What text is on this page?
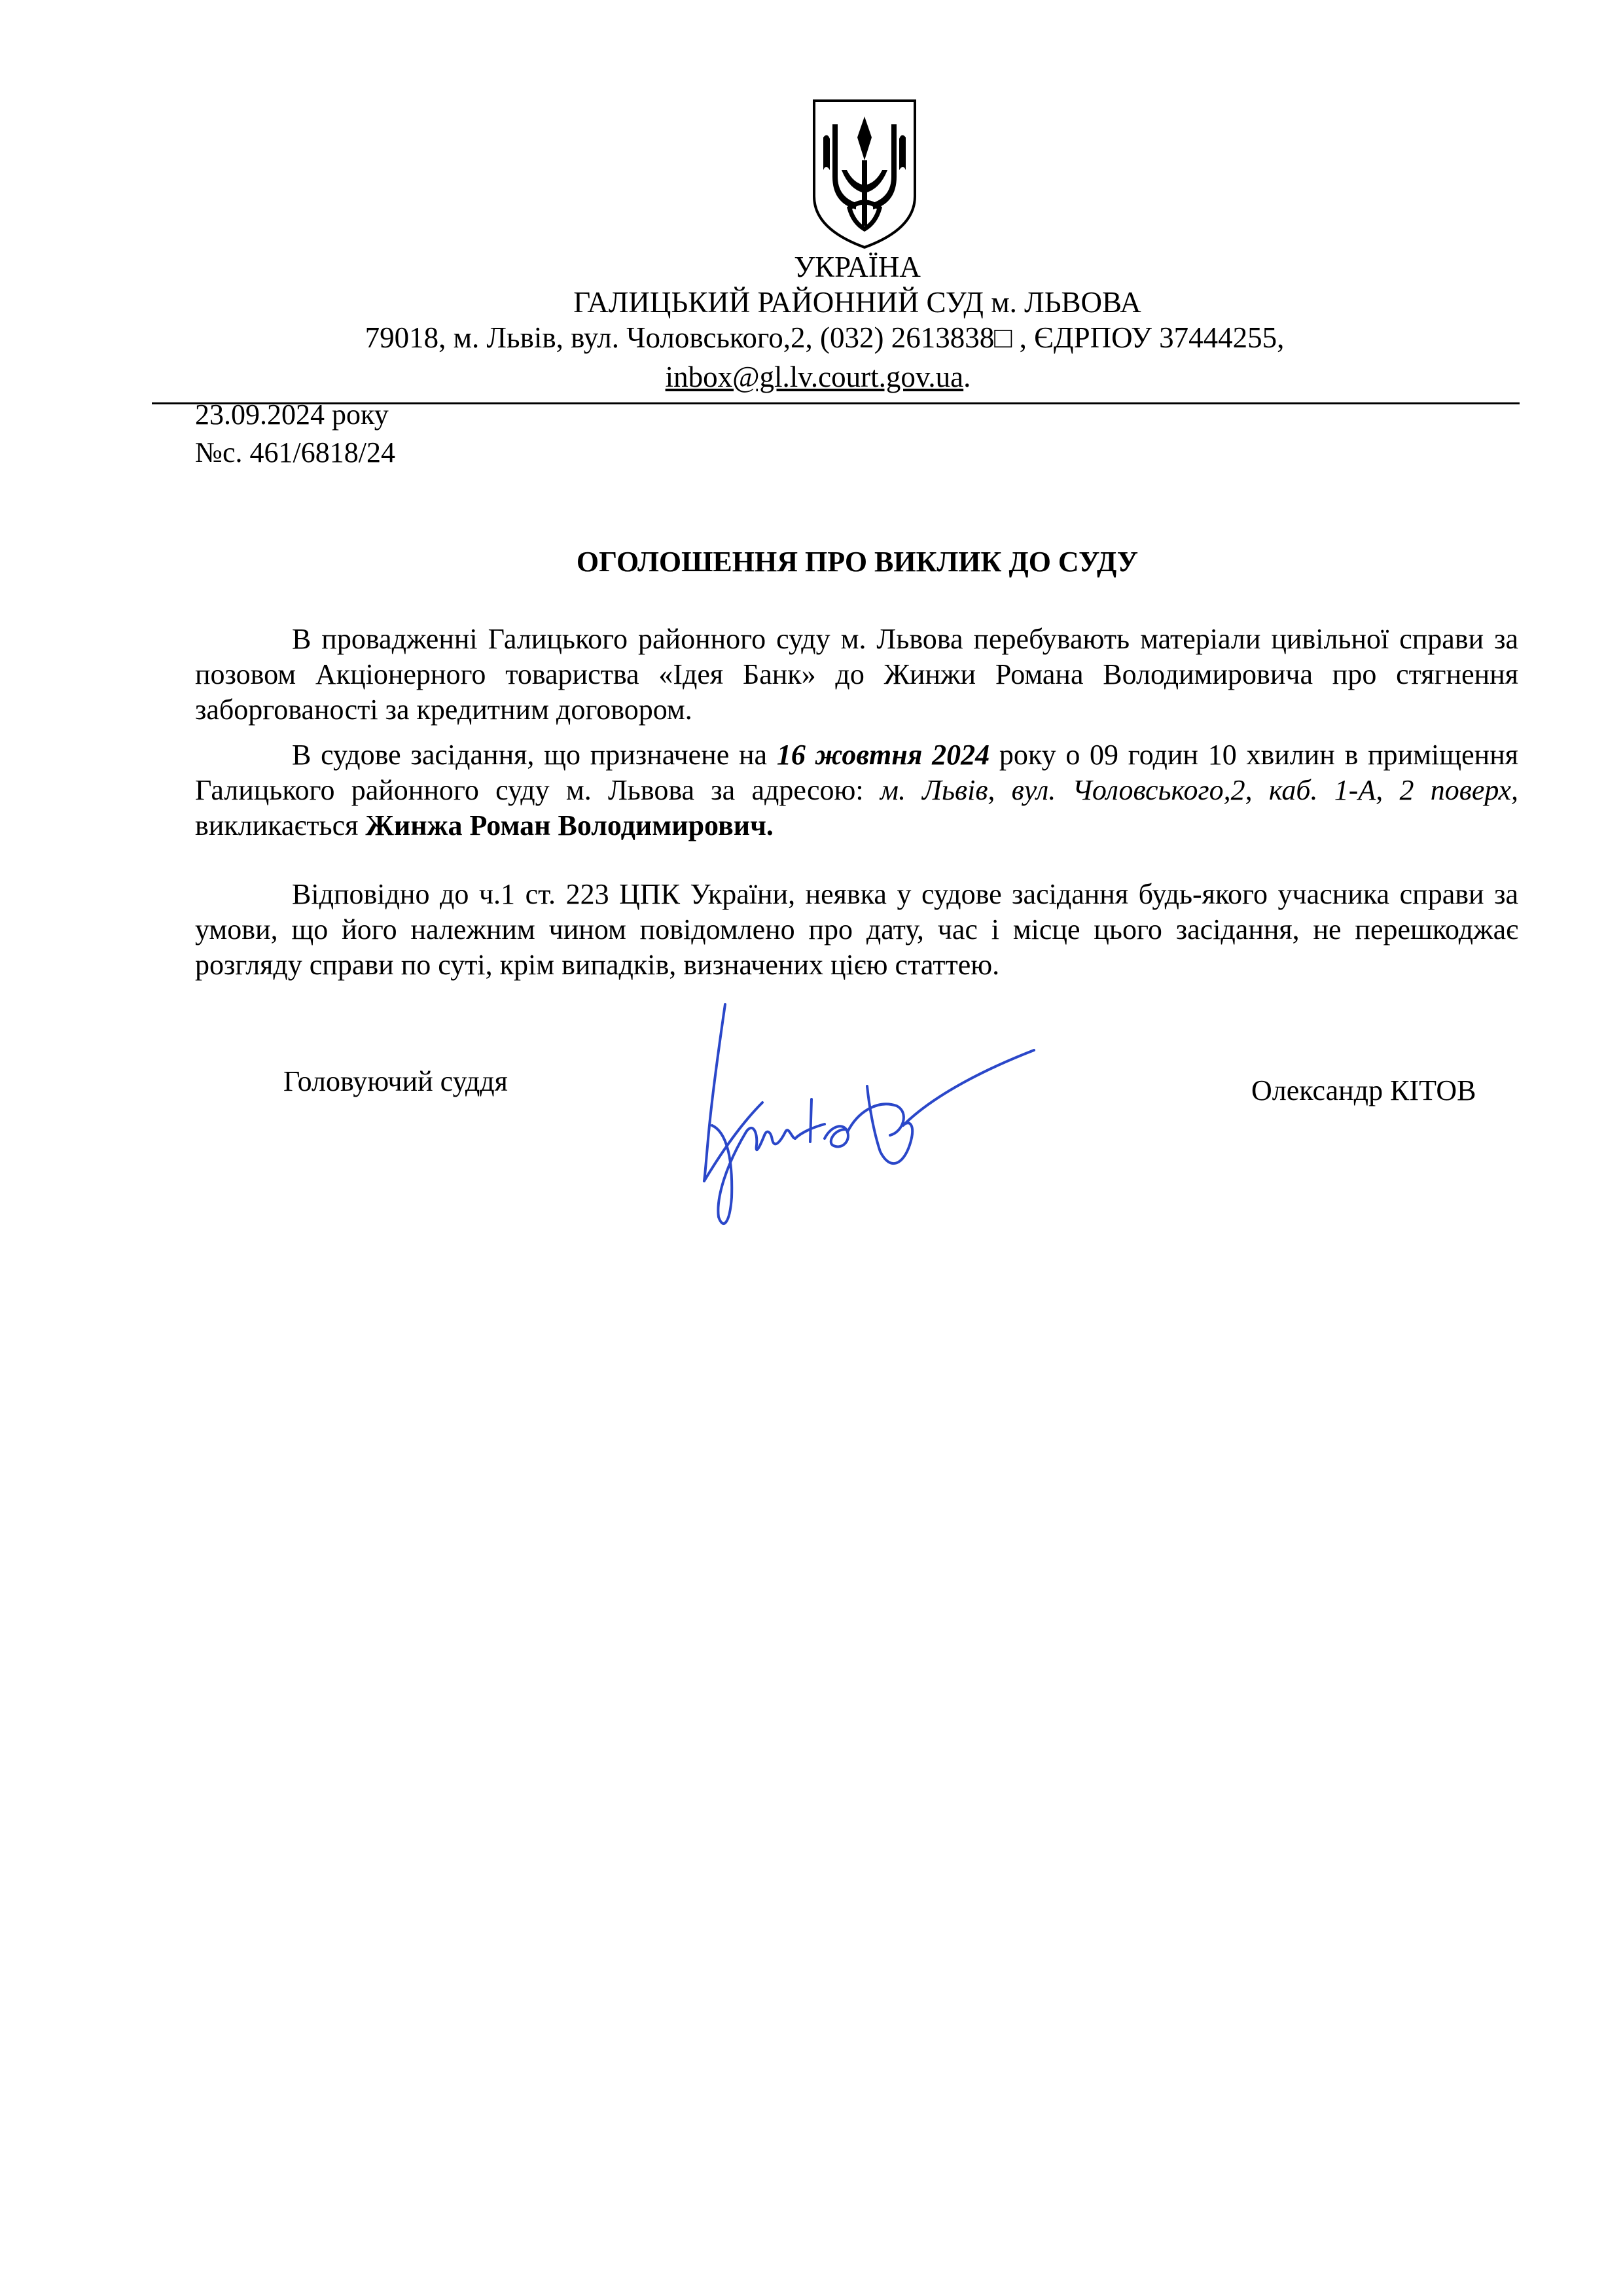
УКРАЇНА
ГАЛИЦЬКИЙ РАЙОННИЙ СУД м. ЛЬВОВА
79018, м. Львів, вул. Чоловського,2, (032) 2613838□ , ЄДРПОУ 37444255,
inbox@gl.lv.court.gov.ua.
23.09.2024 року
№с. 461/6818/24
ОГОЛОШЕННЯ ПРО ВИКЛИК ДО СУДУ

В провадженні Галицького районного суду м. Львова перебувають матеріали цивільної справи за позовом Акціонерного товариства «Ідея Банк» до Жинжи Романа Володимировича про стягнення заборгованості за кредитним договором.

В судове засідання, що призначене на 16 жовтня 2024 року о 09 годин 10 хвилин в приміщення Галицького районного суду м. Львова за адресою: м. Львів, вул. Чоловського,2, каб. 1-А, 2 поверх, викликається Жинжа Роман Володимирович.

Відповідно до ч.1 ст. 223 ЦПК України, неявка у судове засідання будь-якого учасника справи за умови, що його належним чином повідомлено про дату, час і місце цього засідання, не перешкоджає розгляду справи по суті, крім випадків, визначених цією статтею.

Головуючий суддя	Олександр КІТОВ
